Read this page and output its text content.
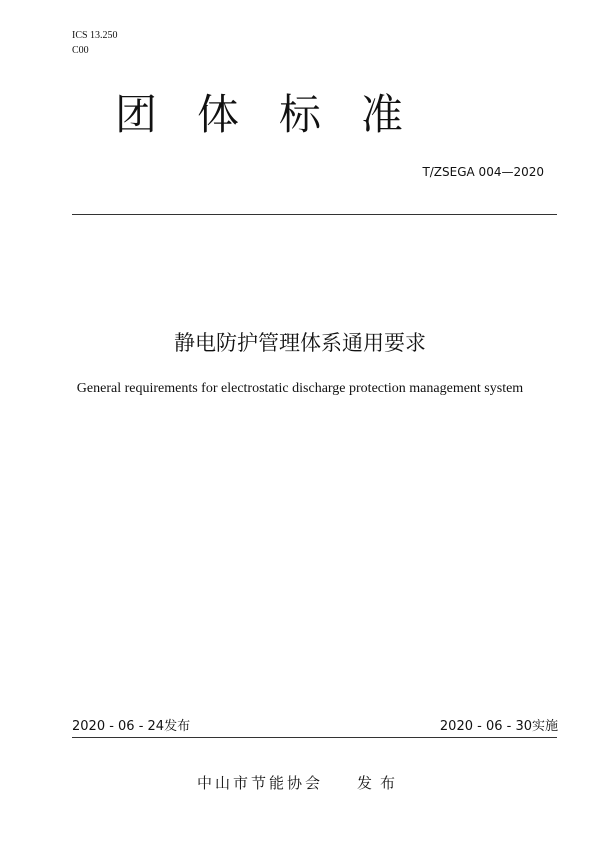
ICS 13.250
C00
团体标准
T/ZSEGA 004—2020
静电防护管理体系通用要求
General requirements for electrostatic discharge protection management system
2020 - 06 - 24发布	2020 - 06 - 30实施
中山市节能协会 发布
